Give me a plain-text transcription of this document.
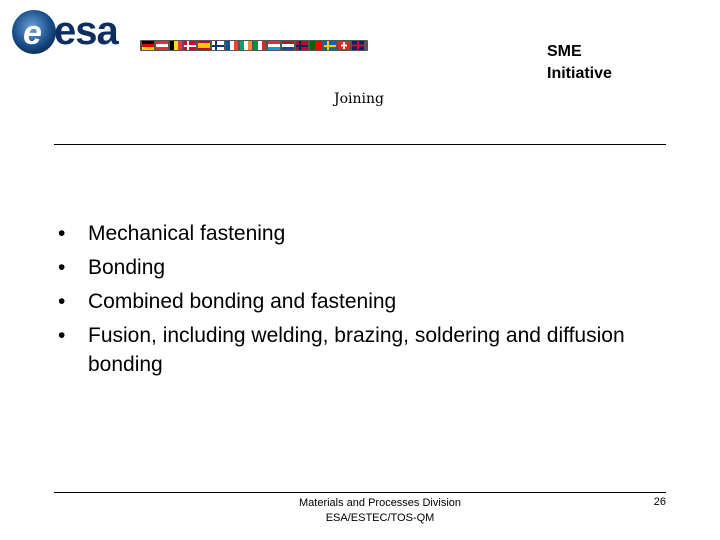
e esa	SME
Initiative
Joining
• Mechanical fastening
• Bonding
• Combined bonding and fastening
• Fusion, including welding, brazing, soldering and diffusion bonding
Materials and Processes Division
ESA/ESTEC/TOS-QM
26
